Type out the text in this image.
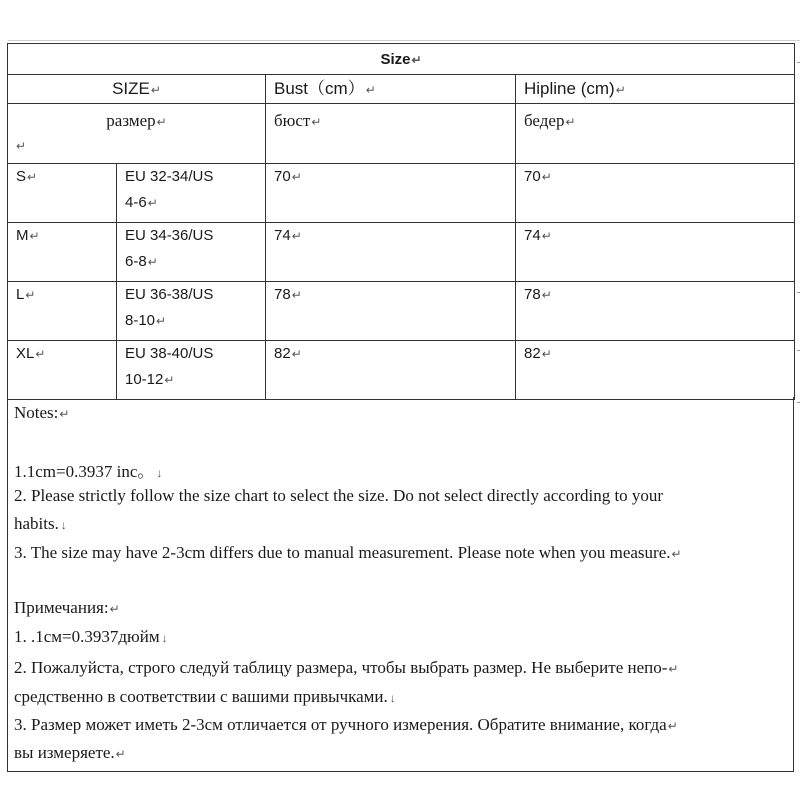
Size↵			
SIZE↵		Bust（cm）↵	Hipline (cm)↵

размер↵
↵		бюст↵	бедер↵
S↵	EU 32-34/US
4-6↵	70↵	70↵
M↵	EU 34-36/US
6-8↵	74↵	74↵
L↵	EU 36-38/US
8-10↵	78↵	78↵
XL↵	EU 38-40/US
10-12↵	82↵	82↵
Notes:↵
1.1cm=0.3937 inc。 ↓
2. Please strictly follow the size chart to select the size. Do not select directly according to your
habits. ↓
3. The size may have 2-3cm differs due to manual measurement. Please note when you measure.↵
Примечания:↵
1. .1см=0.3937дюйм ↓
2. Пожалуйста, строго следуй таблицу размера, чтобы выбрать размер. Не выберите непо-↵
средственно в соответствии с вашими привычками. ↓
3. Размер может иметь 2-3см отличается от ручного измерения. Обратите внимание, когда↵
вы измеряете.↵
